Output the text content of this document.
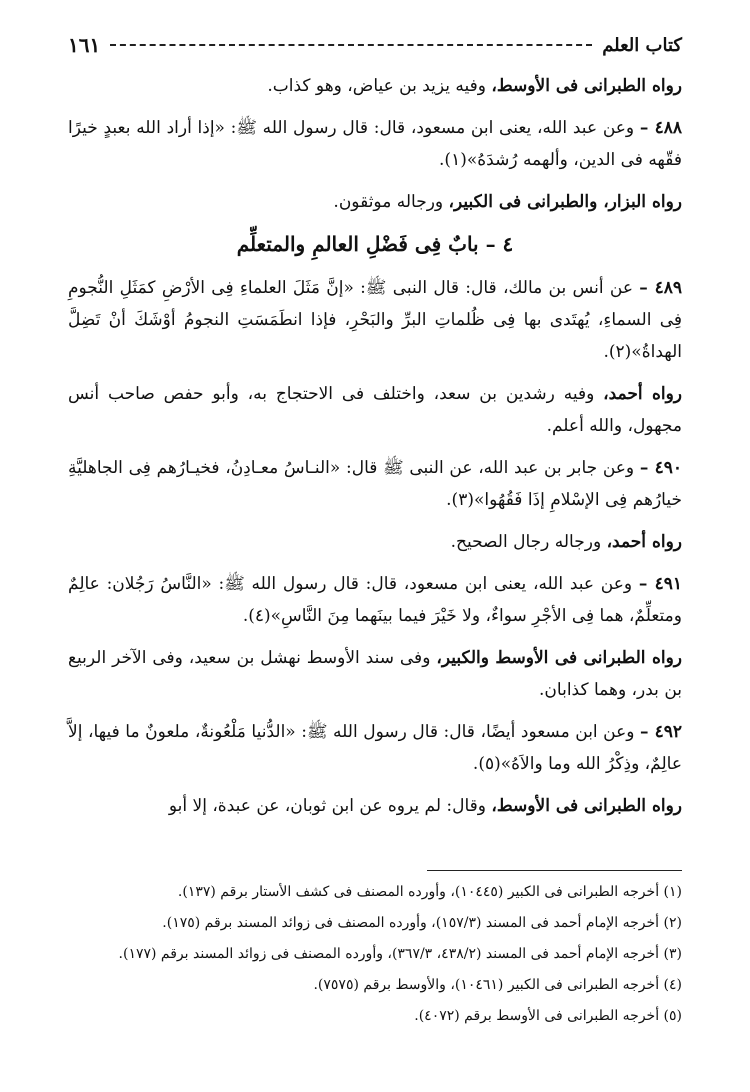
كتاب العلم
١٦١

رواه الطبرانى فى الأوسط، وفيه يزيد بن عياض، وهو كذاب.

٤٨٨ – وعن عبد الله، يعنى ابن مسعود، قال: قال رسول الله ﷺ: «إذا أراد الله بعبدٍ خيرًا فقّهه فى الدين، وألهمه رُشدَهُ»(١).

رواه البزار، والطبرانى فى الكبير، ورجاله موثقون.

٤ – بابٌ فِى فَضْلِ العالمِ والمتعلِّم

٤٨٩ – عن أنس بن مالك، قال: قال النبى ﷺ: «إنَّ مَثَلَ العلماءِ فِى الأرْضِ كمَثَلِ النُّجومِ فِى السماءِ، يُهتَدى بها فِى ظُلماتِ البرِّ والبَحْرِ، فإذا انطَمَسَتِ النجومُ أوْشَكَ أنْ تَضِلَّ الهداةُ»(٢).

رواه أحمد، وفيه رشدين بن سعد، واختلف فى الاحتجاج به، وأبو حفص صاحب أنس مجهول، والله أعلم.

٤٩٠ – وعن جابر بن عبد الله، عن النبى ﷺ قال: «النـاسُ معـادِنُ، فخيـارُهم فِى الجاهليَّةِ خيارُهم فِى الإسْلامِ إذَا فَقُهُوا»(٣).

رواه أحمد، ورجاله رجال الصحيح.

٤٩١ – وعن عبد الله، يعنى ابن مسعود، قال: قال رسول الله ﷺ: «النَّاسُ رَجُلان: عالِمٌ ومتعلِّمٌ، هما فِى الأجْرِ سواءٌ، ولا خَيْرَ فيما بينَهما مِنَ النَّاسِ»(٤).

رواه الطبرانى فى الأوسط والكبير، وفى سند الأوسط نهشل بن سعيد، وفى الآخر الربيع بن بدر، وهما كذابان.

٤٩٢ – وعن ابن مسعود أيضًا، قال: قال رسول الله ﷺ: «الدُّنيا مَلْعُونةٌ، ملعونٌ ما فيها، إلاَّ عالِمٌ، وذِكْرُ الله وما والاَهُ»(٥).

رواه الطبرانى فى الأوسط، وقال: لم يروه عن ابن ثوبان، عن عبدة، إلا أبو

(١) أخرجه الطبرانى فى الكبير (١٠٤٤٥)، وأورده المصنف فى كشف الأستار برقم (١٣٧).

(٢) أخرجه الإمام أحمد فى المسند (١٥٧/٣)، وأورده المصنف فى زوائد المسند برقم (١٧٥).

(٣) أخرجه الإمام أحمد فى المسند (٤٣٨/٢، ٣٦٧/٣)، وأورده المصنف فى زوائد المسند برقم (١٧٧).

(٤) أخرجه الطبرانى فى الكبير (١٠٤٦١)، والأوسط برقم (٧٥٧٥).

(٥) أخرجه الطبرانى فى الأوسط برقم (٤٠٧٢).
